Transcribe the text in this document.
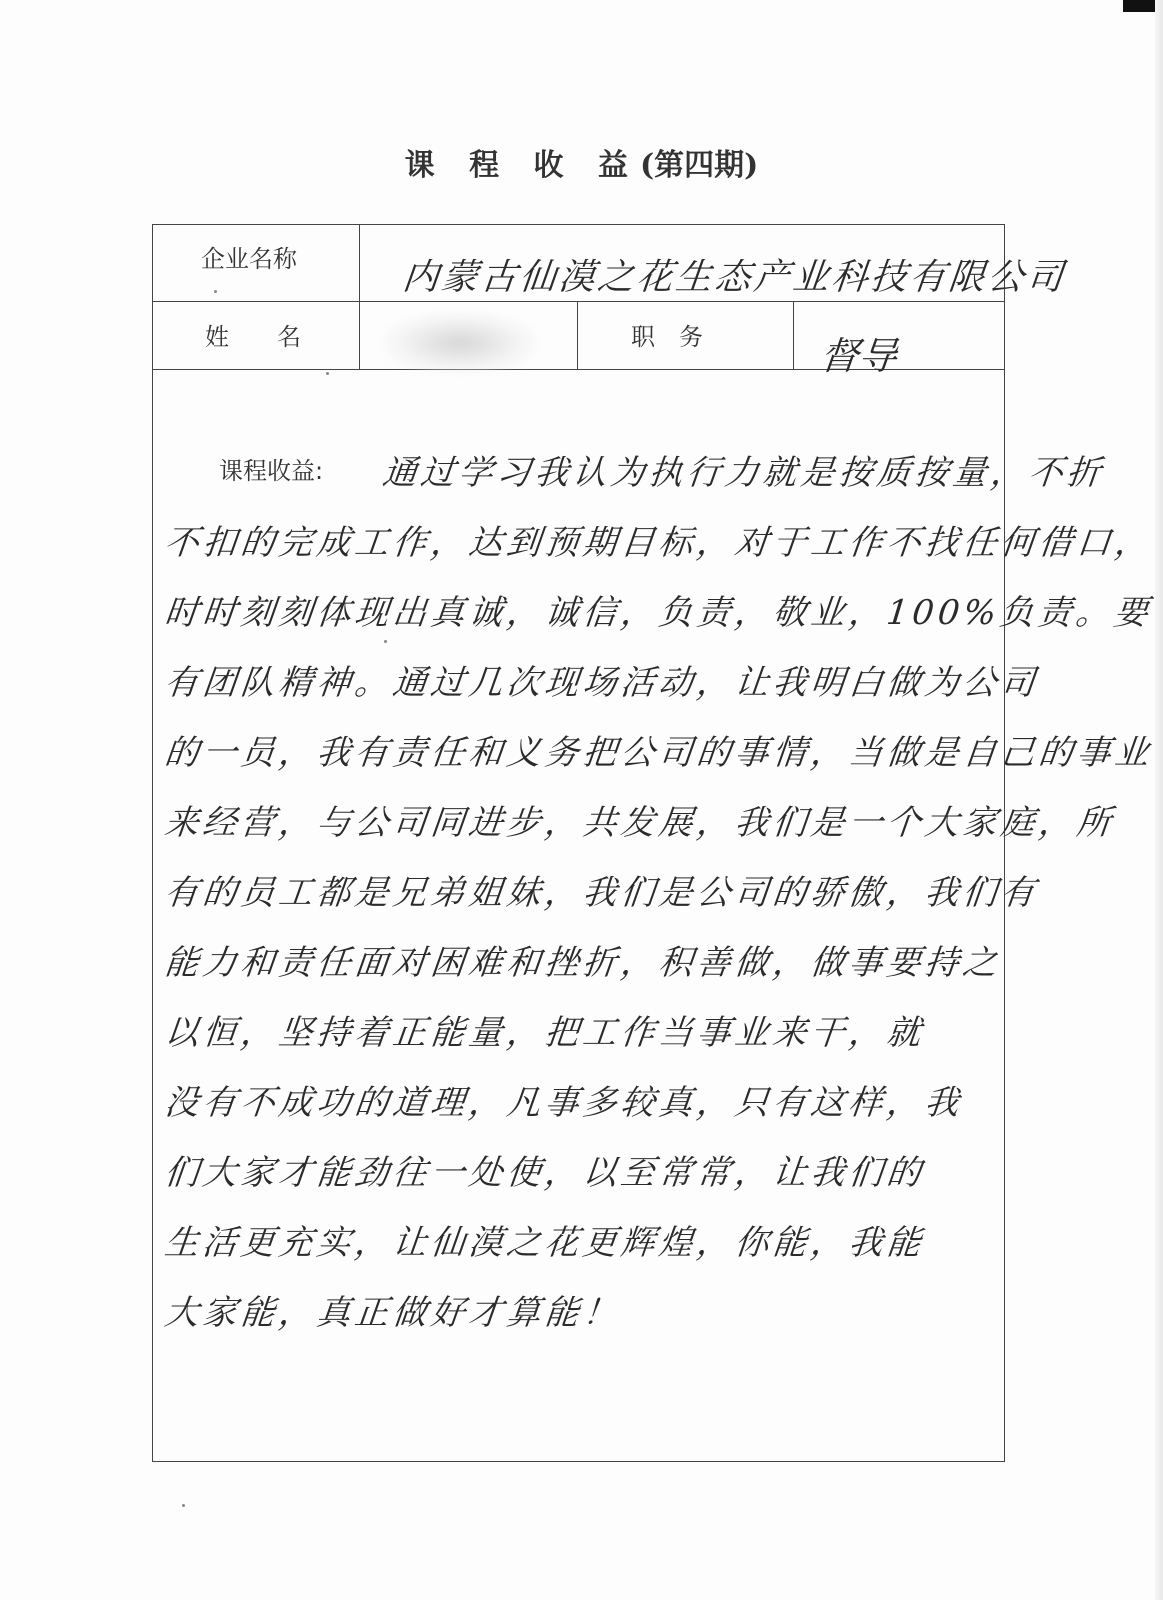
课 程 收 益(第四期)
企业名称	内蒙古仙漠之花生态产业科技有限公司
姓　　名	职　务	督导
课程收益: 通过学习我认为执行力就是按质按量，不折
不扣的完成工作，达到预期目标，对于工作不找任何借口，
时时刻刻体现出真诚，诚信，负责，敬业，100%负责。要
有团队精神。通过几次现场活动，让我明白做为公司
的一员，我有责任和义务把公司的事情，当做是自己的事业
来经营，与公司同进步，共发展，我们是一个大家庭，所
有的员工都是兄弟姐妹，我们是公司的骄傲，我们有
能力和责任面对困难和挫折，积善做，做事要持之
以恒，坚持着正能量，把工作当事业来干，就
没有不成功的道理，凡事多较真，只有这样，我
们大家才能劲往一处使，以至常常，让我们的
生活更充实，让仙漠之花更辉煌，你能，我能
大家能，真正做好才算能！
